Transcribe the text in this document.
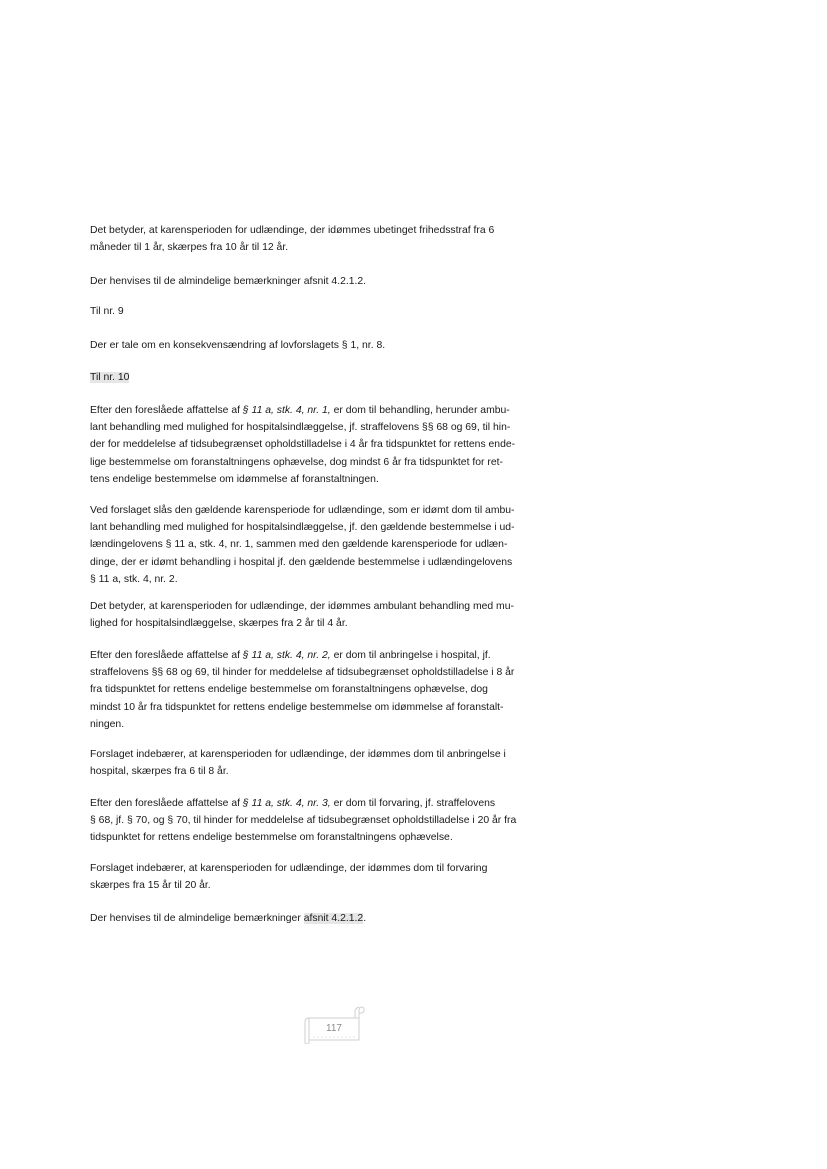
Det betyder, at karensperioden for udlændinge, der idømmes ubetinget frihedsstraf fra 6
måneder til 1 år, skærpes fra 10 år til 12 år.

Der henvises til de almindelige bemærkninger afsnit 4.2.1.2.

Til nr. 9

Der er tale om en konsekvensændring af lovforslagets § 1, nr. 8.

Til nr. 10

Efter den foreslåede affattelse af § 11 a, stk. 4, nr. 1, er dom til behandling, herunder ambu-
lant behandling med mulighed for hospitalsindlæggelse, jf. straffelovens §§ 68 og 69, til hin-
der for meddelelse af tidsubegrænset opholdstilladelse i 4 år fra tidspunktet for rettens ende-
lige bestemmelse om foranstaltningens ophævelse, dog mindst 6 år fra tidspunktet for ret-
tens endelige bestemmelse om idømmelse af foranstaltningen.

Ved forslaget slås den gældende karensperiode for udlændinge, som er idømt dom til ambu-
lant behandling med mulighed for hospitalsindlæggelse, jf. den gældende bestemmelse i ud-
lændingelovens § 11 a, stk. 4, nr. 1, sammen med den gældende karensperiode for udlæn-
dinge, der er idømt behandling i hospital jf. den gældende bestemmelse i udlændingelovens
§ 11 a, stk. 4, nr. 2.

Det betyder, at karensperioden for udlændinge, der idømmes ambulant behandling med mu-
lighed for hospitalsindlæggelse, skærpes fra 2 år til 4 år.

Efter den foreslåede affattelse af § 11 a, stk. 4, nr. 2, er dom til anbringelse i hospital, jf.
straffelovens §§ 68 og 69, til hinder for meddelelse af tidsubegrænset opholdstilladelse i 8 år
fra tidspunktet for rettens endelige bestemmelse om foranstaltningens ophævelse, dog
mindst 10 år fra tidspunktet for rettens endelige bestemmelse om idømmelse af foranstalt-
ningen.

Forslaget indebærer, at karensperioden for udlændinge, der idømmes dom til anbringelse i
hospital, skærpes fra 6 til 8 år.

Efter den foreslåede affattelse af § 11 a, stk. 4, nr. 3, er dom til forvaring, jf. straffelovens
§ 68, jf. § 70, og § 70, til hinder for meddelelse af tidsubegrænset opholdstilladelse i 20 år fra
tidspunktet for rettens endelige bestemmelse om foranstaltningens ophævelse.

Forslaget indebærer, at karensperioden for udlændinge, der idømmes dom til forvaring
skærpes fra 15 år til 20 år.

Der henvises til de almindelige bemærkninger afsnit 4.2.1.2.

117
